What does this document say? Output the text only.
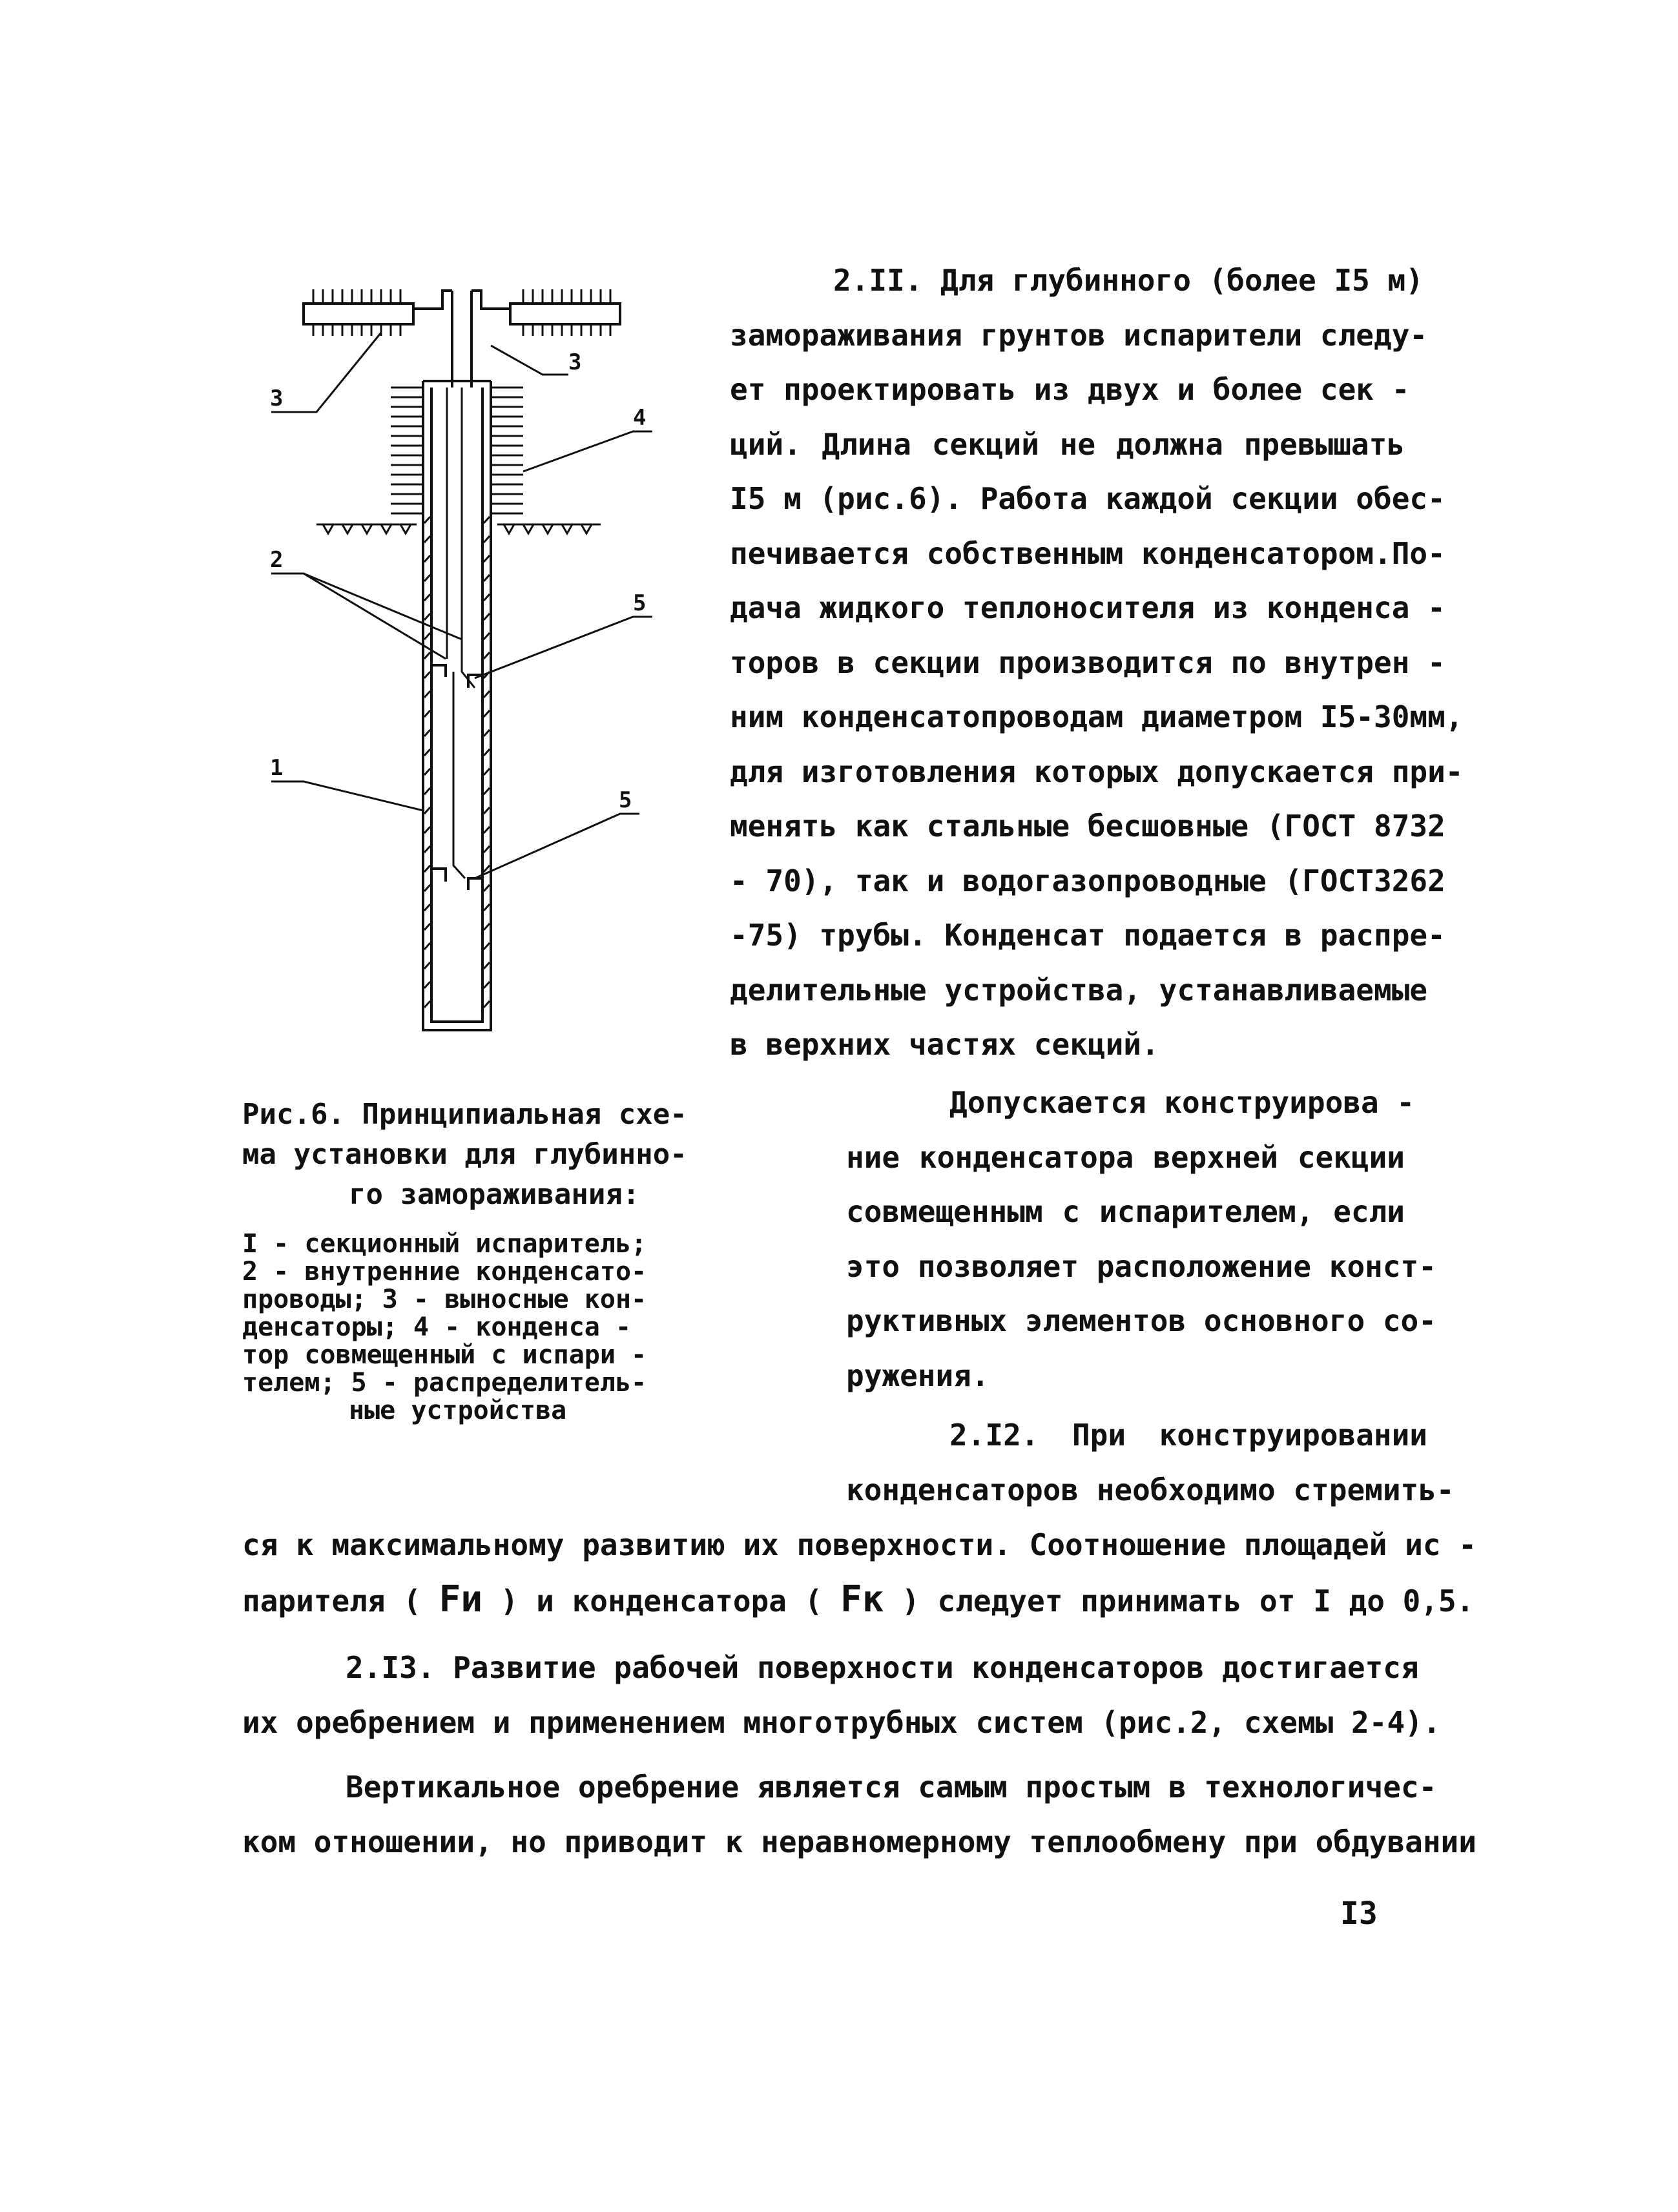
3
3
4
2
5
1
5
2.II. Для глубинного (более I5 м)
замораживания грунтов испарители следу-
ет проектировать из двух и более сек -
ций. Длина секций не должна превышать
I5 м (рис.6). Работа каждой секции обес-
печивается собственным конденсатором.По-
дача жидкого теплоносителя из конденса -
торов в секции производится по внутрен -
ним конденсатопроводам диаметром I5-30мм,
для изготовления которых допускается при-
менять как стальные бесшовные (ГОСТ 8732
- 70), так и водогазопроводные (ГОСТ3262
-75) трубы. Конденсат подается в распре-
делительные устройства, устанавливаемые
в верхних частях секций.
Рис.6. Принципиальная схе-
ма установки для глубинно-
го замораживания:
I - секционный испаритель;
2 - внутренние конденсато-
проводы; 3 - выносные кон-
денсаторы; 4 - конденса -
тор совмещенный с испари -
телем; 5 - распределитель-
ные устройства
Допускается конструирова -
ние конденсатора верхней секции
совмещенным с испарителем, если
это позволяет расположение конст-
руктивных элементов основного со-
ружения.
2.I2. При конструировании
конденсаторов необходимо стремить-
ся к максимальному развитию их поверхности. Соотношение площадей ис -
парителя ( Fи ) и конденсатора ( Fк ) следует принимать от I до 0,5.
2.I3. Развитие рабочей поверхности конденсаторов достигается
их оребрением и применением многотрубных систем (рис.2, схемы 2-4).
Вертикальное оребрение является самым простым в технологичес-
ком отношении, но приводит к неравномерному теплообмену при обдувании
I3
